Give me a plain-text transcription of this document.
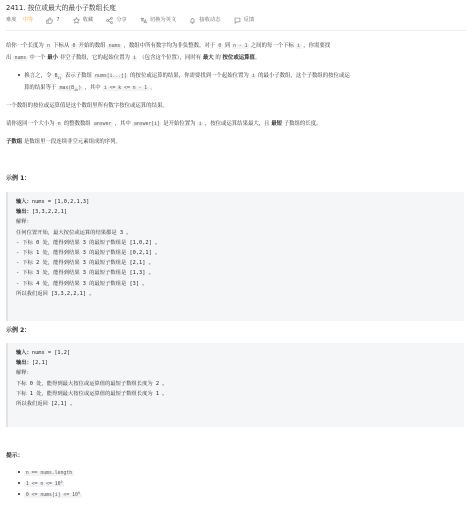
2411. 按位或最大的最小子数组长度
难度 中等	7	收藏	分享	切换为英文	接收动态	反馈
给你一个长度为 n 下标从 0 开始的数组 nums ，数组中所有数字均为非负整数。对于 0 到 n - 1 之间的每一个下标 i ，你需要找
出 nums 中一个 最小 非空子数组，它的起始位置为 i （包含这个位置），同时有 最大 的 按位或运算值。
换言之，令 $B_{ij}$ 表示子数组 nums[i...j] 的按位或运算的结果，你需要找到一个起始位置为 i 的最小子数组，这个子数组的按位或运
算的结果等于 $\max(B_{ik})$ ，其中 i <= k <= n - 1 。
一个数组的按位或运算值是这个数组里所有数字按位或运算的结果。
请你返回一个大小为 n 的整数数组 answer ，其中 answer[i] 是开始位置为 i ，按位或运算结果最大，且 最短 子数组的长度。
子数组 是数组里一段连续非空元素组成的序列。
示例 1：
输入：nums = [1,0,2,1,3]
输出：[3,3,2,2,1]
解释：
任何位置开始，最大按位或运算的结果都是 3 。
- 下标 0 处，能得到结果 3 的最短子数组是 [1,0,2] 。
- 下标 1 处，能得到结果 3 的最短子数组是 [0,2,1] 。
- 下标 2 处，能得到结果 3 的最短子数组是 [2,1] 。
- 下标 3 处，能得到结果 3 的最短子数组是 [1,3] 。
- 下标 4 处，能得到结果 3 的最短子数组是 [3] 。
所以我们返回 [3,3,2,2,1] 。
示例 2：
输入：nums = [1,2]
输出：[2,1]
解释：
下标 0 处，能得到最大按位或运算值的最短子数组长度为 2 。
下标 1 处，能得到最大按位或运算值的最短子数组长度为 1 。
所以我们返回 [2,1] 。
提示：
n == nums.length
$1 <= n <= 10^5$
0 <= nums[i] <= $10^9$
